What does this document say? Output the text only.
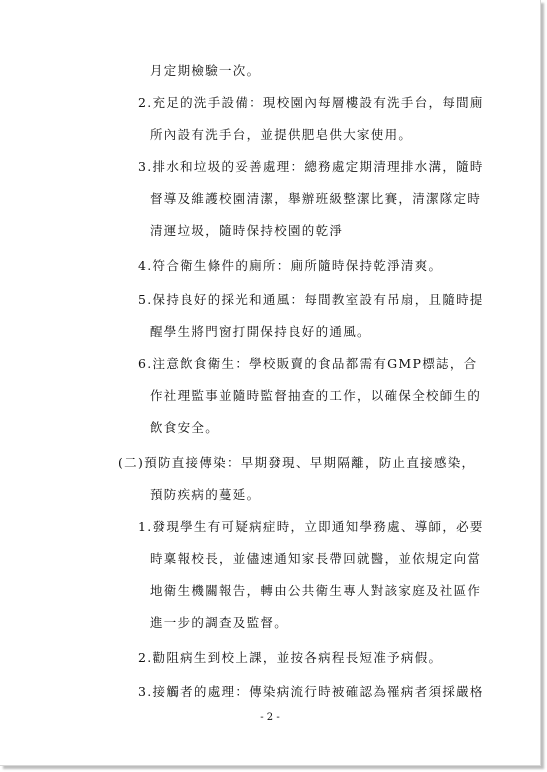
月定期檢驗一次。
2.充足的洗手設備：現校園內每層樓設有洗手台，每間廁
所內設有洗手台，並提供肥皂供大家使用。
3.排水和垃圾的妥善處理：總務處定期清理排水溝，隨時
督導及維護校園清潔，舉辦班級整潔比賽，清潔隊定時
清運垃圾，隨時保持校園的乾淨
4.符合衛生條件的廁所：廁所隨時保持乾淨清爽。
5.保持良好的採光和通風：每間教室設有吊扇，且隨時提
醒學生將門窗打開保持良好的通風。
6.注意飲食衛生：學校販賣的食品都需有GMP標誌，合
作社理監事並隨時監督抽查的工作，以確保全校師生的
飲食安全。
(二)預防直接傳染：早期發現、早期隔離，防止直接感染，
預防疾病的蔓延。
1.發現學生有可疑病症時，立即通知學務處、導師，必要
時稟報校長，並儘速通知家長帶回就醫，並依規定向當
地衛生機關報告，轉由公共衛生專人對該家庭及社區作
進一步的調查及監督。
2.勸阻病生到校上課，並按各病程長短准予病假。
3.接觸者的處理：傳染病流行時被確認為罹病者須採嚴格
- 2 -
